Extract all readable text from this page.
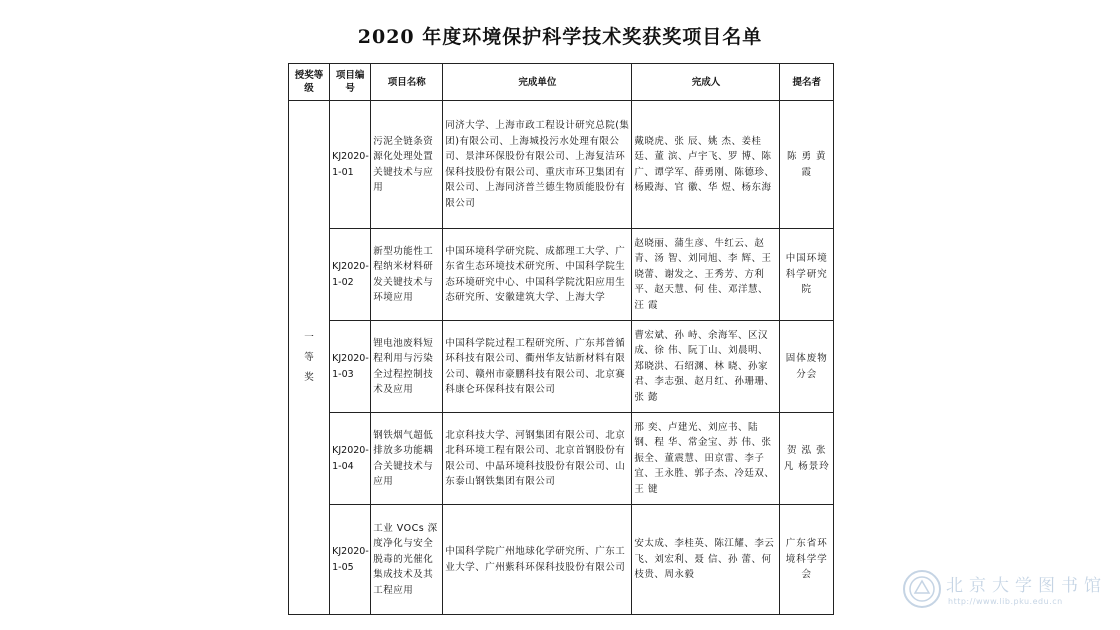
2020 年度环境保护科学技术奖获奖项目名单
授奖等级	项目编号	项目名称	完成单位	完成人	提名者
一等奖	KJ2020-1-01	污泥全链条资源化处理处置关键技术与应用	同济大学、上海市政工程设计研究总院(集团)有限公司、上海城投污水处理有限公司、景津环保股份有限公司、上海复洁环保科技股份有限公司、重庆市环卫集团有限公司、上海同济普兰德生物质能股份有限公司	戴晓虎、张 辰、姚 杰、姜桂廷、董 滨、卢宇飞、罗 博、陈 广、谭学军、薛勇刚、陈德珍、杨殿海、官 徽、华 煜、杨东海	陈 勇 黄 霞
	KJ2020-1-02	新型功能性工程纳米材料研发关键技术与环境应用	中国环境科学研究院、成都理工大学、广东省生态环境技术研究所、中国科学院生态环境研究中心、中国科学院沈阳应用生态研究所、安徽建筑大学、上海大学	赵晓丽、蒲生彦、牛红云、赵 青、汤 智、刘同旭、李 辉、王晓蕾、谢发之、王秀芳、方利平、赵天慧、何 佳、邓洋慧、汪 霞	中国环境科学研究院
	KJ2020-1-03	锂电池废料短程利用与污染全过程控制技术及应用	中国科学院过程工程研究所、广东邦普循环科技有限公司、衢州华友钴新材料有限公司、赣州市豪鹏科技有限公司、北京赛科康仑环保科技有限公司	曹宏斌、孙 峙、余海军、区汉成、徐 伟、阮丁山、刘晨明、郑晓洪、石绍渊、林 晓、孙家君、李志强、赵月红、孙珊珊、张 懿	固体废物分会
	KJ2020-1-04	钢铁烟气超低排放多功能耦合关键技术与应用	北京科技大学、河钢集团有限公司、北京北科环境工程有限公司、北京首钢股份有限公司、中晶环境科技股份有限公司、山东泰山钢铁集团有限公司	邢 奕、卢建光、刘应书、陆 钢、程 华、常金宝、苏 伟、张振全、董震慧、田京雷、李子宜、王永胜、郭子杰、冷廷双、王 键	贺 泓 张 凡 杨景玲
	KJ2020-1-05	工业 VOCs 深度净化与安全脱毒的光催化集成技术及其工程应用	中国科学院广州地球化学研究所、广东工业大学、广州紫科环保科技股份有限公司	安太成、李桂英、陈江耀、李云飞、刘宏利、聂 信、孙 蕾、何枝贵、周永毅	广东省环境科学学会
北京大学图书馆
http://www.lib.pku.edu.cn
